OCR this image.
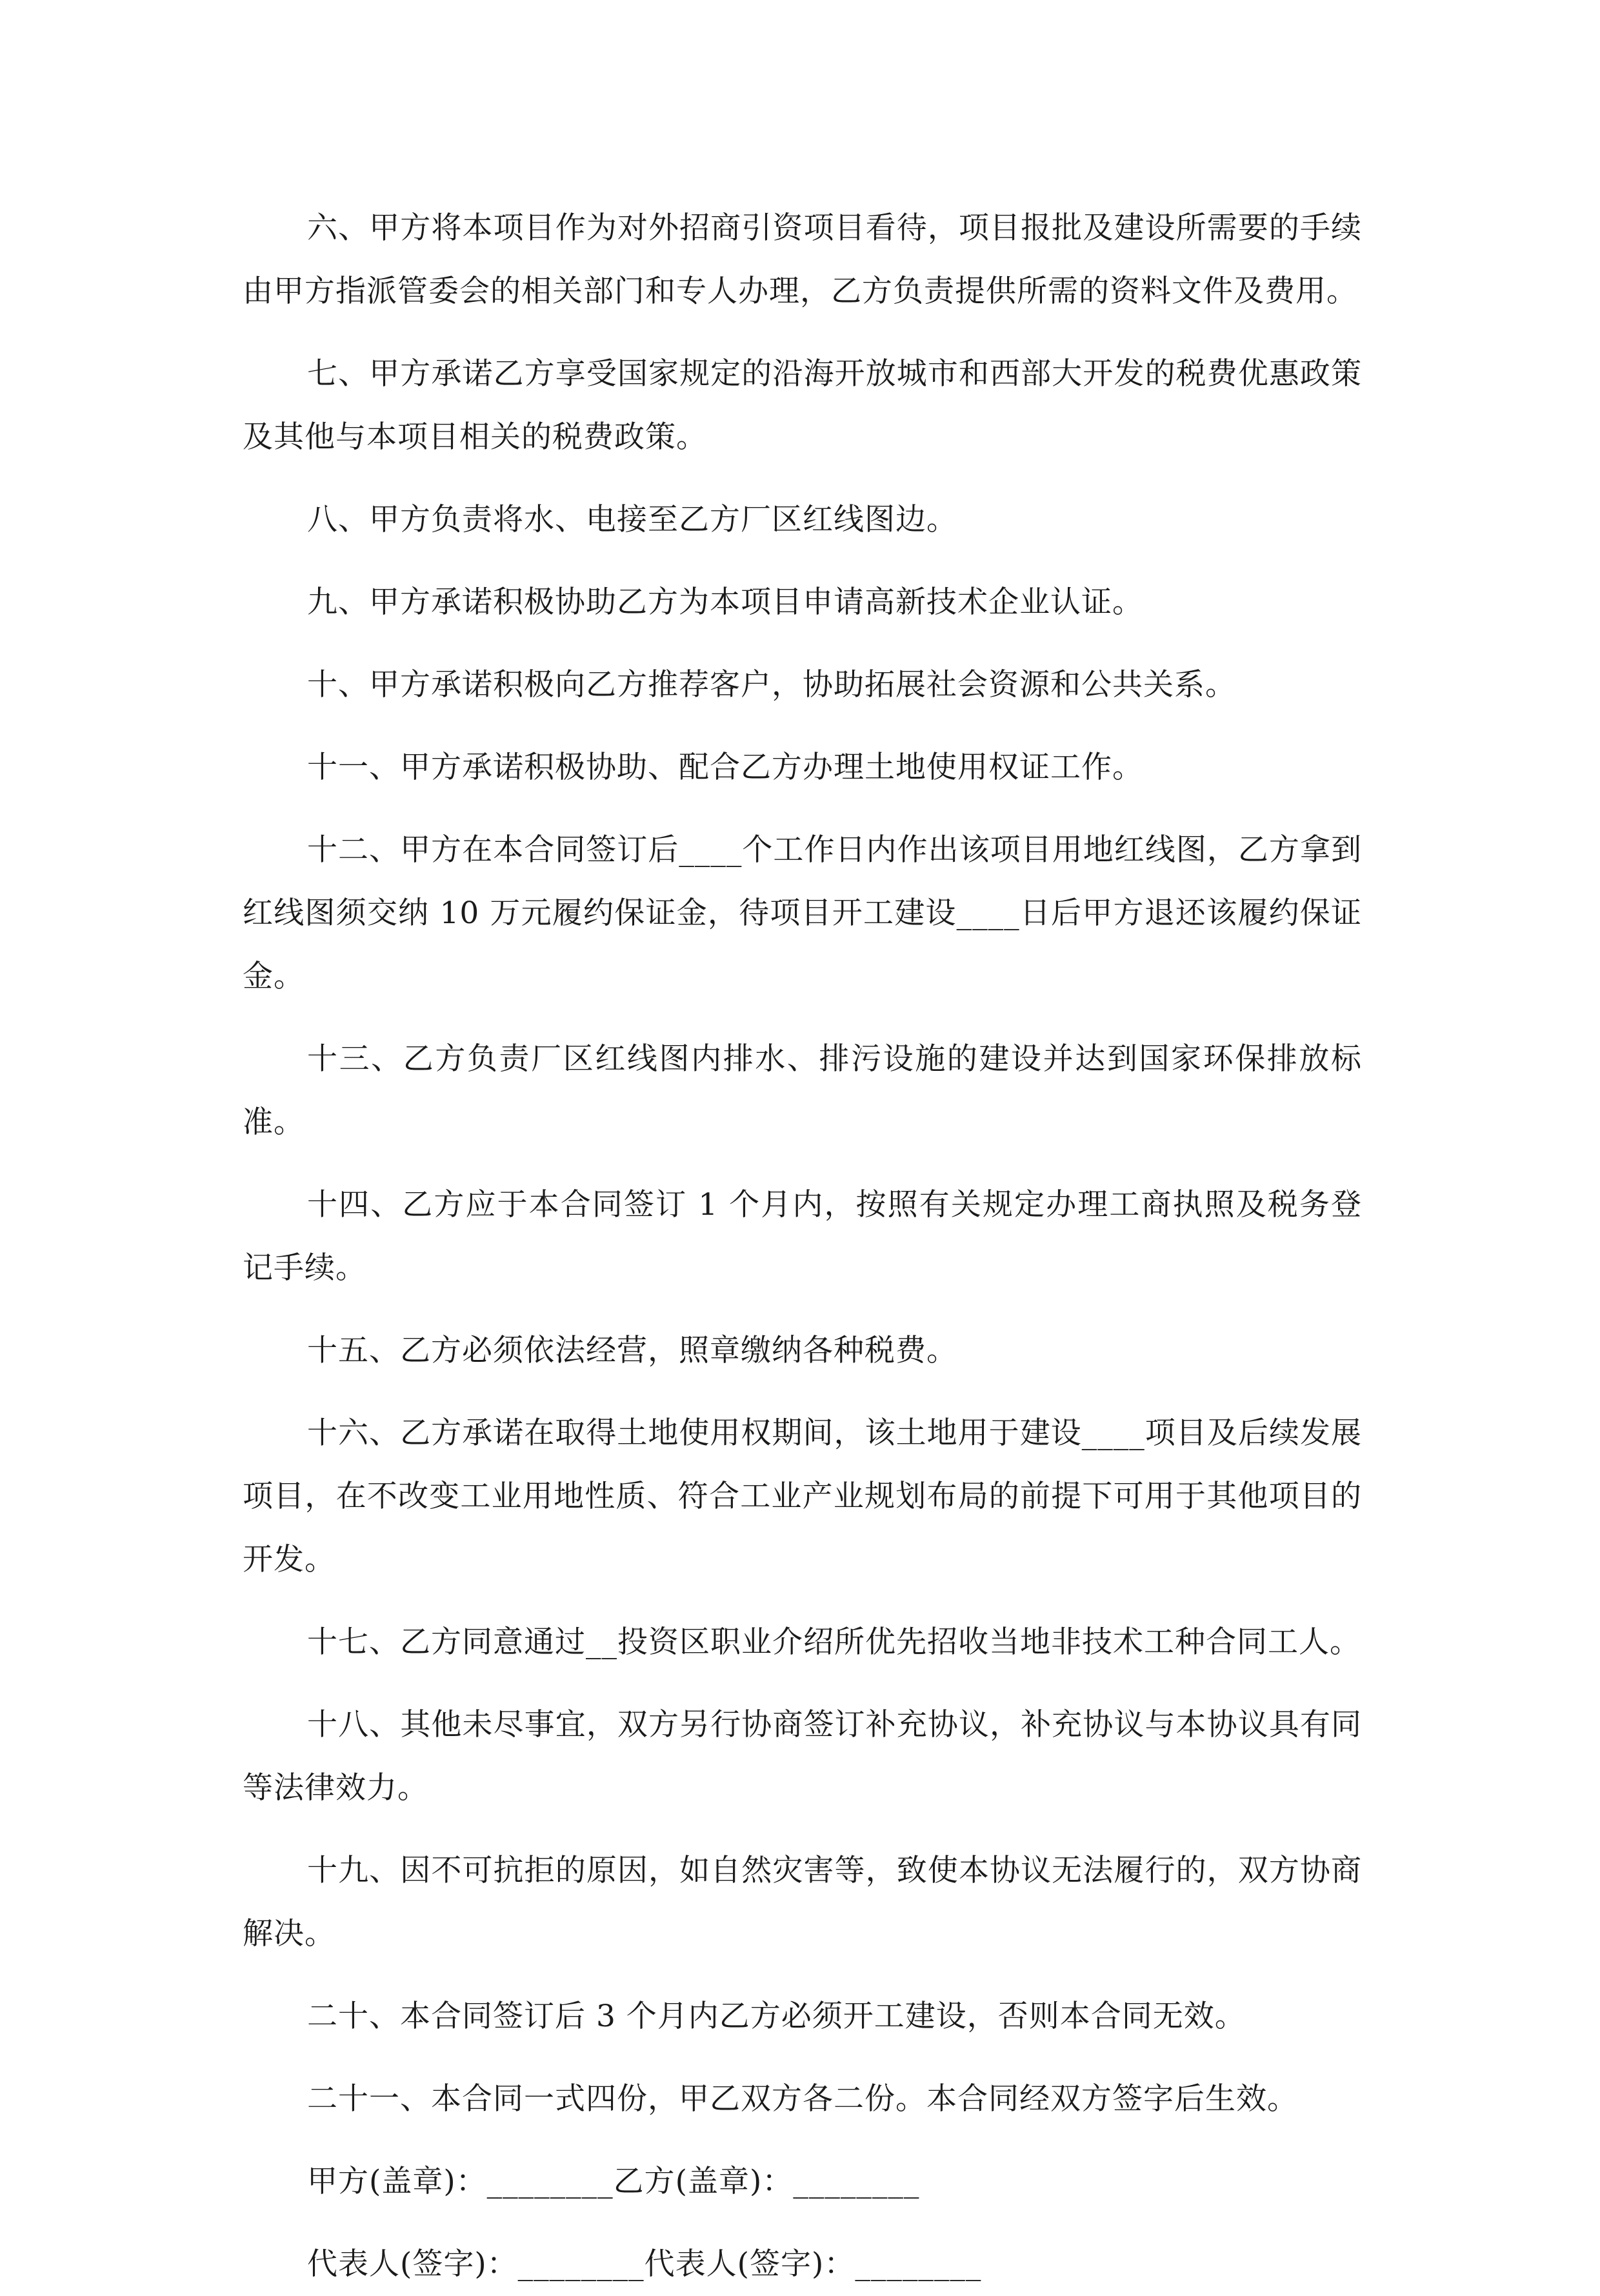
六、甲方将本项目作为对外招商引资项目看待，项目报批及建设所需要的手续由甲方指派管委会的相关部门和专人办理，乙方负责提供所需的资料文件及费用。

七、甲方承诺乙方享受国家规定的沿海开放城市和西部大开发的税费优惠政策及其他与本项目相关的税费政策。

八、甲方负责将水、电接至乙方厂区红线图边。

九、甲方承诺积极协助乙方为本项目申请高新技术企业认证。

十、甲方承诺积极向乙方推荐客户，协助拓展社会资源和公共关系。

十一、甲方承诺积极协助、配合乙方办理土地使用权证工作。

十二、甲方在本合同签订后____个工作日内作出该项目用地红线图，乙方拿到红线图须交纳 10 万元履约保证金，待项目开工建设____日后甲方退还该履约保证金。

十三、乙方负责厂区红线图内排水、排污设施的建设并达到国家环保排放标准。

十四、乙方应于本合同签订 1 个月内，按照有关规定办理工商执照及税务登记手续。

十五、乙方必须依法经营，照章缴纳各种税费。

十六、乙方承诺在取得土地使用权期间，该土地用于建设____项目及后续发展项目，在不改变工业用地性质、符合工业产业规划布局的前提下可用于其他项目的开发。

十七、乙方同意通过__投资区职业介绍所优先招收当地非技术工种合同工人。

十八、其他未尽事宜，双方另行协商签订补充协议，补充协议与本协议具有同等法律效力。

十九、因不可抗拒的原因，如自然灾害等，致使本协议无法履行的，双方协商解决。

二十、本合同签订后 3 个月内乙方必须开工建设，否则本合同无效。

二十一、本合同一式四份，甲乙双方各二份。本合同经双方签字后生效。

甲方(盖章)：________乙方(盖章)：________

代表人(签字)：________代表人(签字)：________
